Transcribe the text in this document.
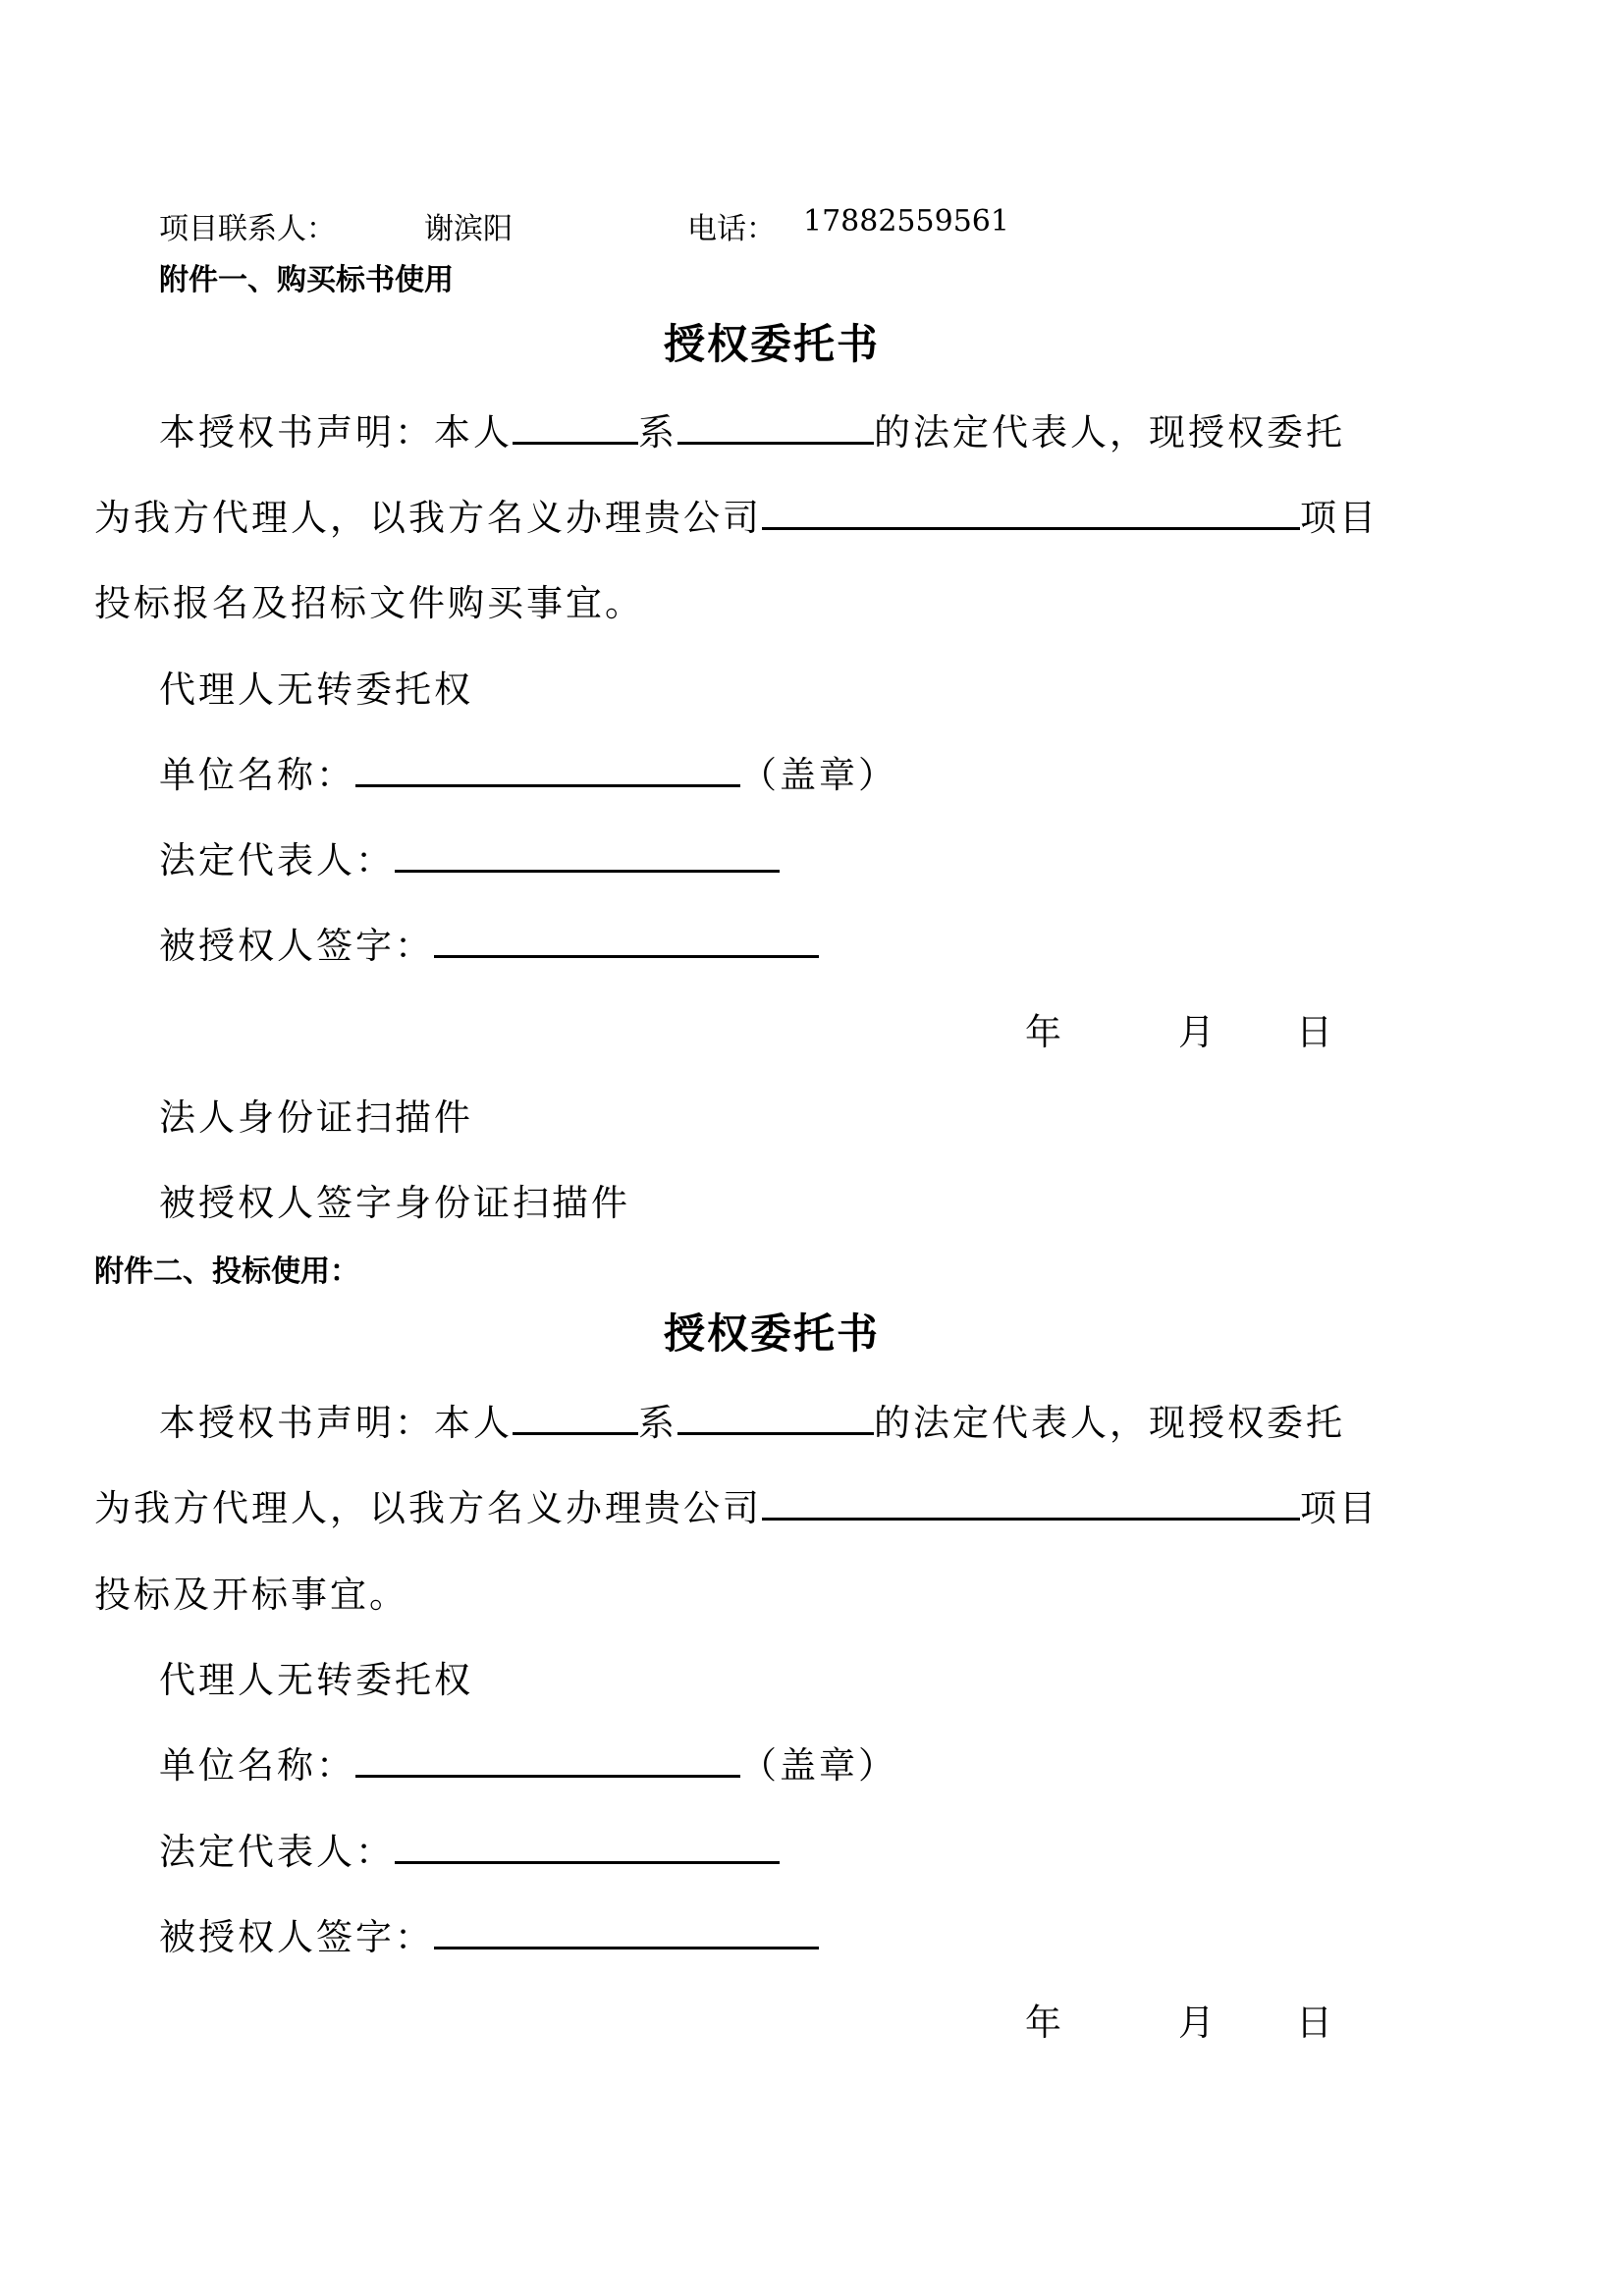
项目联系人：	谢滨阳	电话： 17882559561
附件一、购买标书使用
授权委托书
本授权书声明：本人	系	的法定代表人，现授权委托
为我方代理人，以我方名义办理贵公司	项目
投标报名及招标文件购买事宜。
代理人无转委托权
单位名称：	（盖章）
法定代表人：
被授权人签字：
年	月 日
法人身份证扫描件
被授权人签字身份证扫描件
附件二、投标使用：
授权委托书
本授权书声明：本人	系	的法定代表人，现授权委托
为我方代理人，以我方名义办理贵公司	项目
投标及开标事宜。
代理人无转委托权
单位名称：	（盖章）
法定代表人：
被授权人签字：
年	月 日
